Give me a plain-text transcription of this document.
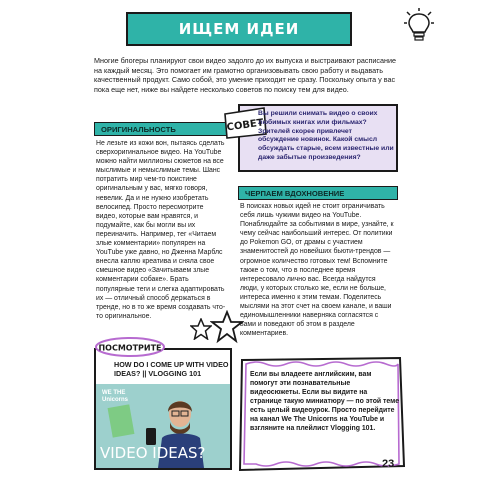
ИЩЕМ ИДЕИ
Многие блогеры планируют свои видео задолго до их выпуска и выстраивают расписание на каждый месяц. Это помогает им грамотно организовывать свою работу и выдавать качественный продукт. Само собой, это умение приходит не сразу. Поскольку опыта у вас пока еще нет, ниже вы найдете несколько советов по поиску тем для видео.
ОРИГИНАЛЬНОСТЬ
Не лезьте из кожи вон, пытаясь сделать сверхоригинальное видео. На YouTube можно найти миллионы сюжетов на все мыслимые и немыслимые темы. Шанс потратить мир чем-то поистине оригинальным у вас, мягко говоря, невелик. Да и не нужно изобретать велосипед. Просто пересмотрите видео, которые вам нравятся, и подумайте, как бы могли вы их переиначить. Например, тег «Читаем злые комментарии» популярен на YouTube уже давно, но Дженна Марблс внесла каплю креатива и сняла свое смешное видео «Зачитываем злые комментарии собаке». Брать популярные теги и слегка адаптировать их — отличный способ держаться в тренде, но в то же время создавать что-то оригинальное.
СОВЕТ
Вы решили снимать видео о своих любимых книгах или фильмах? Зрителей скорее привлечет обсуждение новинок. Какой смысл обсуждать старые, всем известные или даже забытые произведения?
ЧЕРПАЕМ ВДОХНОВЕНИЕ
В поисках новых идей не стоит ограничивать себя лишь чужими видео на YouTube. Понаблюдайте за событиями в мире, узнайте, к чему сейчас наибольший интерес. От политики до Pokemon GO, от драмы с участием знаменитостей до новейших бьюти-трендов — огромное количество готовых тем! Вспомните также о том, что в последнее время интересовало лично вас. Всегда найдутся люди, у которых столько же, если не больше, интереса именно к этим темам. Поделитесь мыслями на этот счет на своем канале, и ваши единомышленники наверняка согласятся с вами и поведают об этом в разделе комментариев.
ПОСМОТРИТЕ
HOW DO I COME UP WITH VIDEO IDEAS? || VLOGGING 101
WE THE Unicorns
VIDEO IDEAS?
Если вы владеете английским, вам помогут эти познавательные видеосюжеты. Если вы видите на странице такую миниатюру — по этой теме есть целый видеоурок. Просто перейдите на канал We The Unicorns на YouTube и взгляните на плейлист Vlogging 101.
23
